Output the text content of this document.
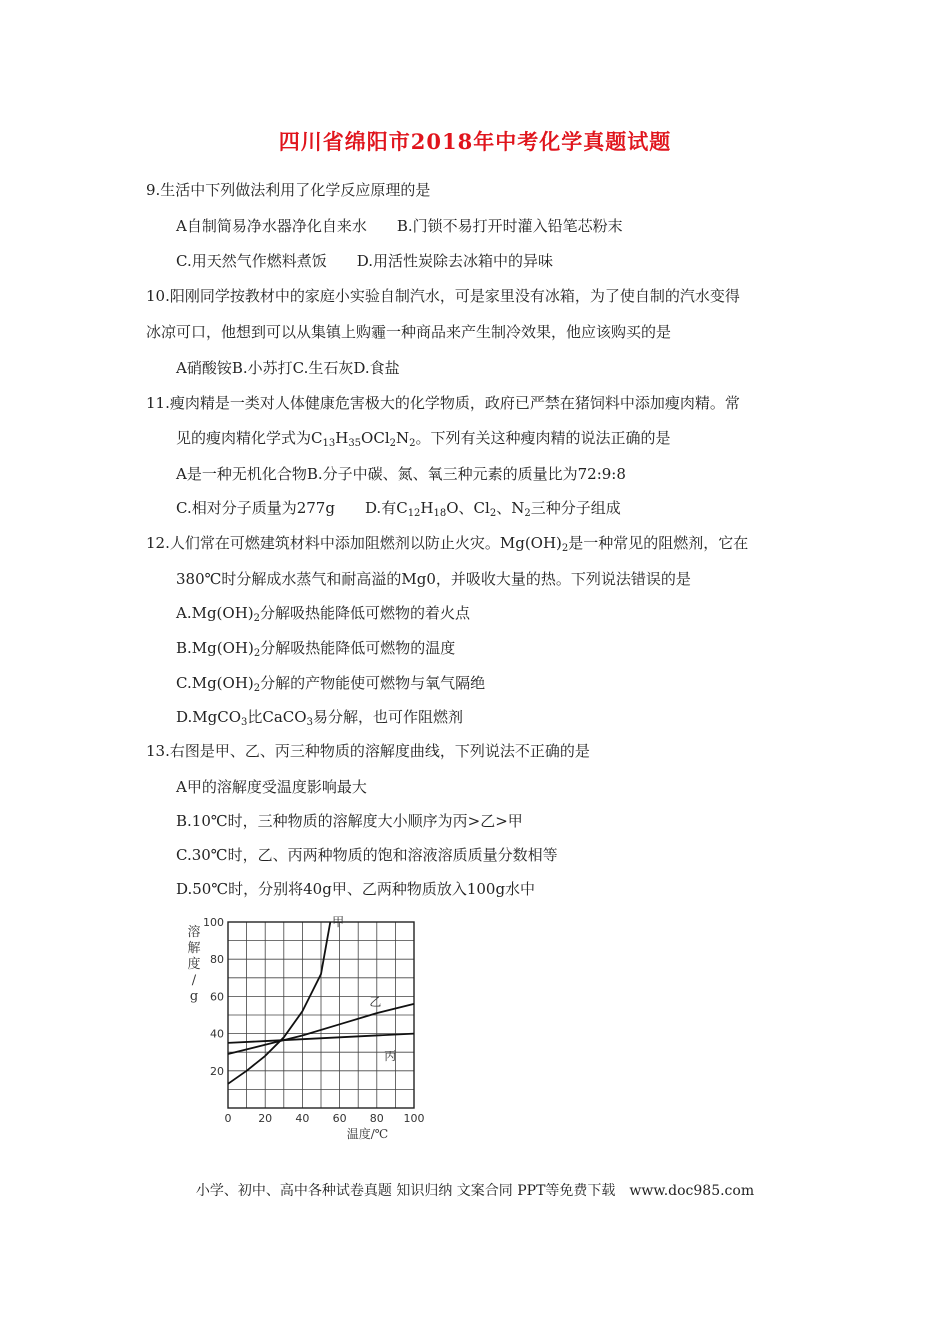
四川省绵阳市2018年中考化学真题试题
9.生活中下列做法利用了化学反应原理的是
A自制简易净水器净化自来水　　B.门锁不易打开时灌入铅笔芯粉末
C.用天然气作燃料煮饭　　D.用活性炭除去冰箱中的异味
10.阳刚同学按教材中的家庭小实验自制汽水，可是家里没有冰箱，为了使自制的汽水变得
冰凉可口，他想到可以从集镇上购霾一种商品来产生制冷效果，他应该购买的是
A硝酸铵B.小苏打C.生石灰D.食盐
11.瘦肉精是一类对人体健康危害极大的化学物质，政府已严禁在猪饲料中添加瘦肉精。常
见的瘦肉精化学式为$C_{13}H_{35}OCl_2N_2$。下列有关这种瘦肉精的说法正确的是
A是一种无机化合物B.分子中碳、氮、氧三种元素的质量比为72:9:8
C.相对分子质量为277g　　D.有$C_{12}H_{18}O$、$Cl_2$、$N_2$三种分子组成
12.人们常在可燃建筑材料中添加阻燃剂以防止火灾。$Mg(OH)_2$是一种常见的阻燃剂，它在
380℃时分解成水蒸气和耐高溢的Mg0，并吸收大量的热。下列说法错误的是
$A.Mg(OH)_2$分解吸热能降低可燃物的着火点
$B.Mg(OH)_2$分解吸热能降低可燃物的温度
$C.Mg(OH)_2$分解的产物能使可燃物与氧气隔绝
D.MgCO$_3$比CaCO$_3$易分解，也可作阻燃剂
13.右图是甲、乙、丙三种物质的溶解度曲线，下列说法不正确的是
A甲的溶解度受温度影响最大
B.10℃时，三种物质的溶解度大小顺序为丙>乙>甲
C.30℃时，乙、丙两种物质的饱和溶液溶质质量分数相等
D.50℃时，分别将40g甲、乙两种物质放入100g水中
0 20 40 60 80 100
20
40
60
80
100
溶
解
度
/
g
温度/℃
甲
乙
丙
小学、初中、高中各种试卷真题 知识归纳 文案合同 PPT等免费下载　www.doc985.com
